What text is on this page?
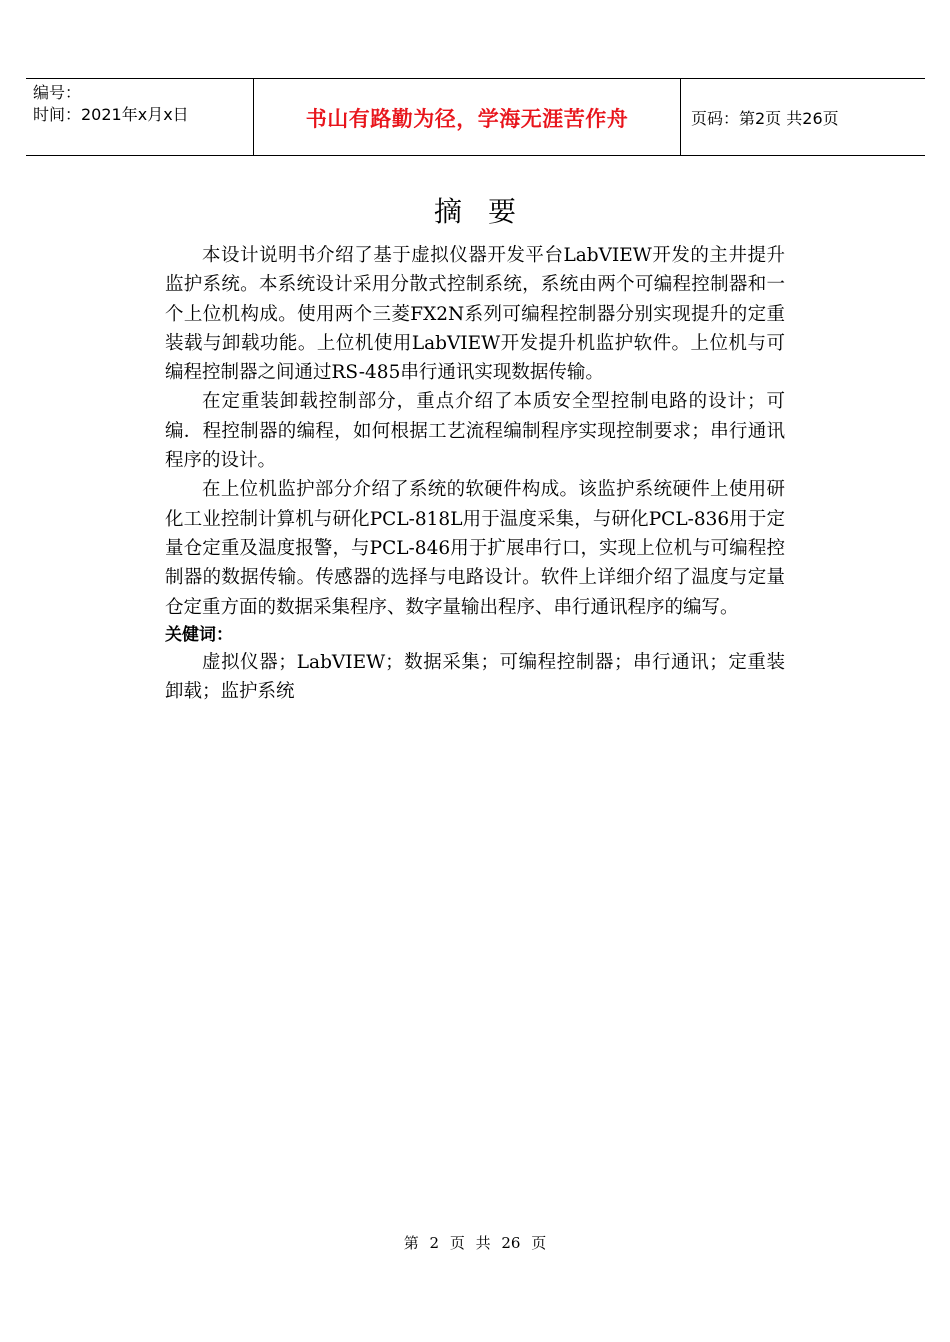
编号：
时间：2021年x月x日	书山有路勤为径，学海无涯苦作舟	页码：第2页 共26页
摘要

本设计说明书介绍了基于虚拟仪器开发平台LabVIEW开发的主井提升监护系统。本系统设计采用分散式控制系统，系统由两个可编程控制器和一个上位机构成。使用两个三菱FX2N系列可编程控制器分别实现提升的定重装载与卸载功能。上位机使用LabVIEW开发提升机监护软件。上位机与可编程控制器之间通过RS-485串行通讯实现数据传输。

在定重装卸载控制部分，重点介绍了本质安全型控制电路的设计；可编．程控制器的编程，如何根据工艺流程编制程序实现控制要求；串行通讯程序的设计。

在上位机监护部分介绍了系统的软硬件构成。该监护系统硬件上使用研化工业控制计算机与研化PCL-818L用于温度采集，与研化PCL-836用于定量仓定重及温度报警，与PCL-846用于扩展串行口，实现上位机与可编程控制器的数据传输。传感器的选择与电路设计。软件上详细介绍了温度与定量仓定重方面的数据采集程序、数字量输出程序、串行通讯程序的编写。

关健词：

虚拟仪器；LabVIEW；数据采集；可编程控制器；串行通讯；定重装卸载；监护系统

第 2 页 共 26 页
